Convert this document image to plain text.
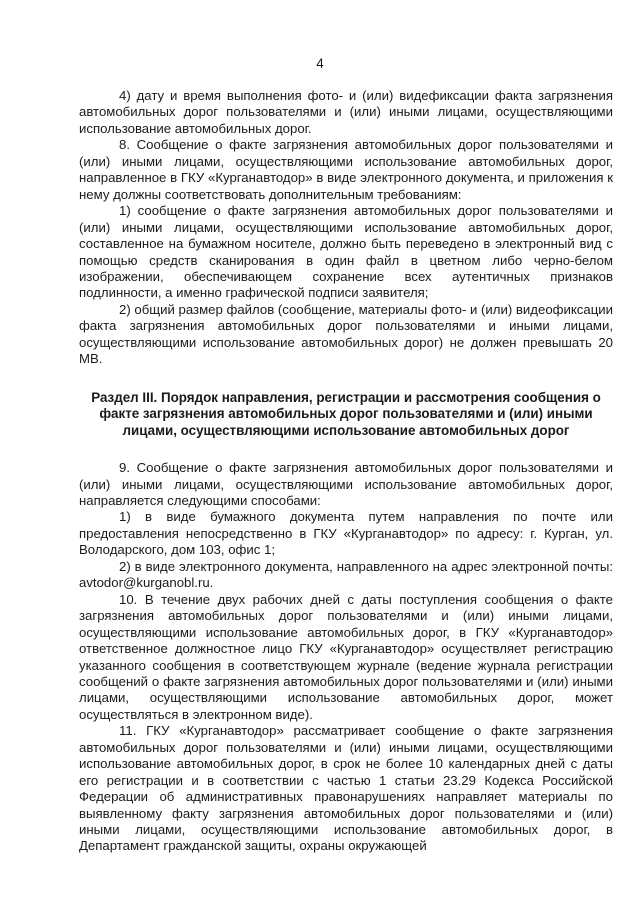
4

4) дату и время выполнения фото- и (или) видефиксации факта загрязнения автомобильных дорог пользователями и (или) иными лицами, осуществляющими использование автомобильных дорог.

8. Сообщение о факте загрязнения автомобильных дорог пользователями и (или) иными лицами, осуществляющими использование автомобильных дорог, направленное в ГКУ «Курганавтодор» в виде электронного документа, и приложения к нему должны соответствовать дополнительным требованиям:

1) сообщение о факте загрязнения автомобильных дорог пользователями и (или) иными лицами, осуществляющими использование автомобильных дорог, составленное на бумажном носителе, должно быть переведено в электронный вид с помощью средств сканирования в один файл в цветном либо черно-белом изображении, обеспечивающем сохранение всех аутентичных признаков подлинности, а именно графической подписи заявителя;

2) общий размер файлов (сообщение, материалы фото- и (или) видеофиксации факта загрязнения автомобильных дорог пользователями и иными лицами, осуществляющими использование автомобильных дорог) не должен превышать 20 MB.

Раздел III. Порядок направления, регистрации и рассмотрения сообщения о факте загрязнения автомобильных дорог пользователями и (или) иными лицами, осуществляющими использование автомобильных дорог

9. Сообщение о факте загрязнения автомобильных дорог пользователями и (или) иными лицами, осуществляющими использование автомобильных дорог, направляется следующими способами:

1) в виде бумажного документа путем направления по почте или предоставления непосредственно в ГКУ «Курганавтодор» по адресу: г. Курган, ул. Володарского, дом 103, офис 1;

2) в виде электронного документа, направленного на адрес электронной почты: avtodor@kurganobl.ru.

10. В течение двух рабочих дней с даты поступления сообщения о факте загрязнения автомобильных дорог пользователями и (или) иными лицами, осуществляющими использование автомобильных дорог, в ГКУ «Курганавтодор» ответственное должностное лицо ГКУ «Курганавтодор» осуществляет регистрацию указанного сообщения в соответствующем журнале (ведение журнала регистрации сообщений о факте загрязнения автомобильных дорог пользователями и (или) иными лицами, осуществляющими использование автомобильных дорог, может осуществляться в электронном виде).

11. ГКУ «Курганавтодор» рассматривает сообщение о факте загрязнения автомобильных дорог пользователями и (или) иными лицами, осуществляющими использование автомобильных дорог, в срок не более 10 календарных дней с даты его регистрации и в соответствии с частью 1 статьи 23.29 Кодекса Российской Федерации об административных правонарушениях направляет материалы по выявленному факту загрязнения автомобильных дорог пользователями и (или) иными лицами, осуществляющими использование автомобильных дорог, в Департамент гражданской защиты, охраны окружающей
